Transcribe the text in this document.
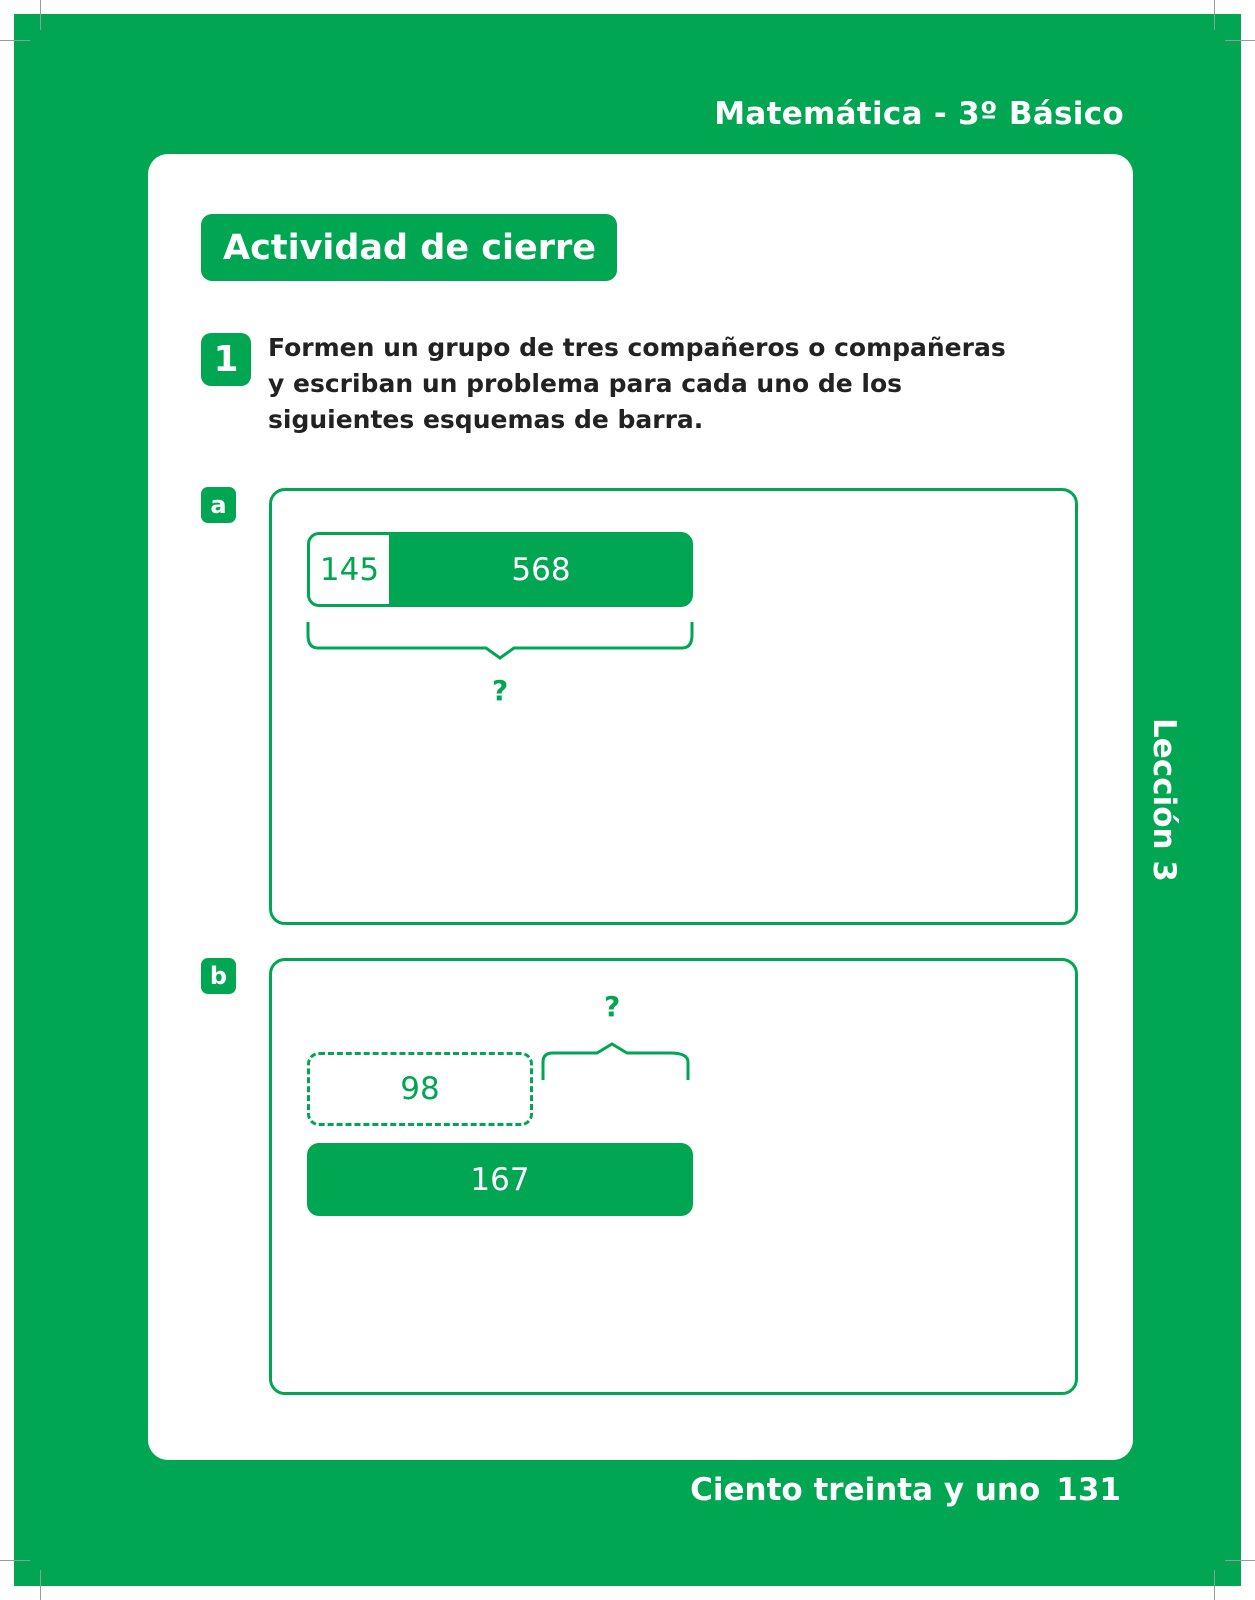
Matemática - 3º Básico
Actividad de cierre
1	Formen un grupo de tres compañeros o compañeras y escriban un problema para cada uno de los siguientes esquemas de barra.
a
145	568
?
b
?
98
167
Lección 3
Ciento treinta y uno 131
